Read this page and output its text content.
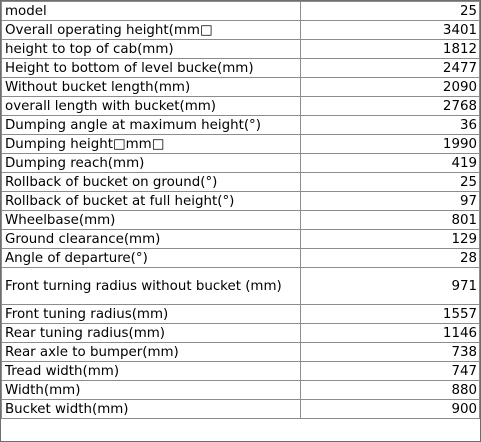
model	25
Overall operating height(mm□	3401
height to top of cab(mm)	1812
Height to bottom of level bucke(mm)	2477
Without bucket length(mm)	2090
overall length with bucket(mm)	2768
Dumping angle at maximum height(°)	36
Dumping height□mm□	1990
Dumping reach(mm)	419
Rollback of bucket on ground(°)	25
Rollback of bucket at full height(°)	97
Wheelbase(mm)	801
Ground clearance(mm)	129
Angle of departure(°)	28
Front turning radius without bucket (mm)	971
Front tuning radius(mm)	1557
Rear tuning radius(mm)	1146
Rear axle to bumper(mm)	738
Tread width(mm)	747
Width(mm)	880
Bucket width(mm)	900
